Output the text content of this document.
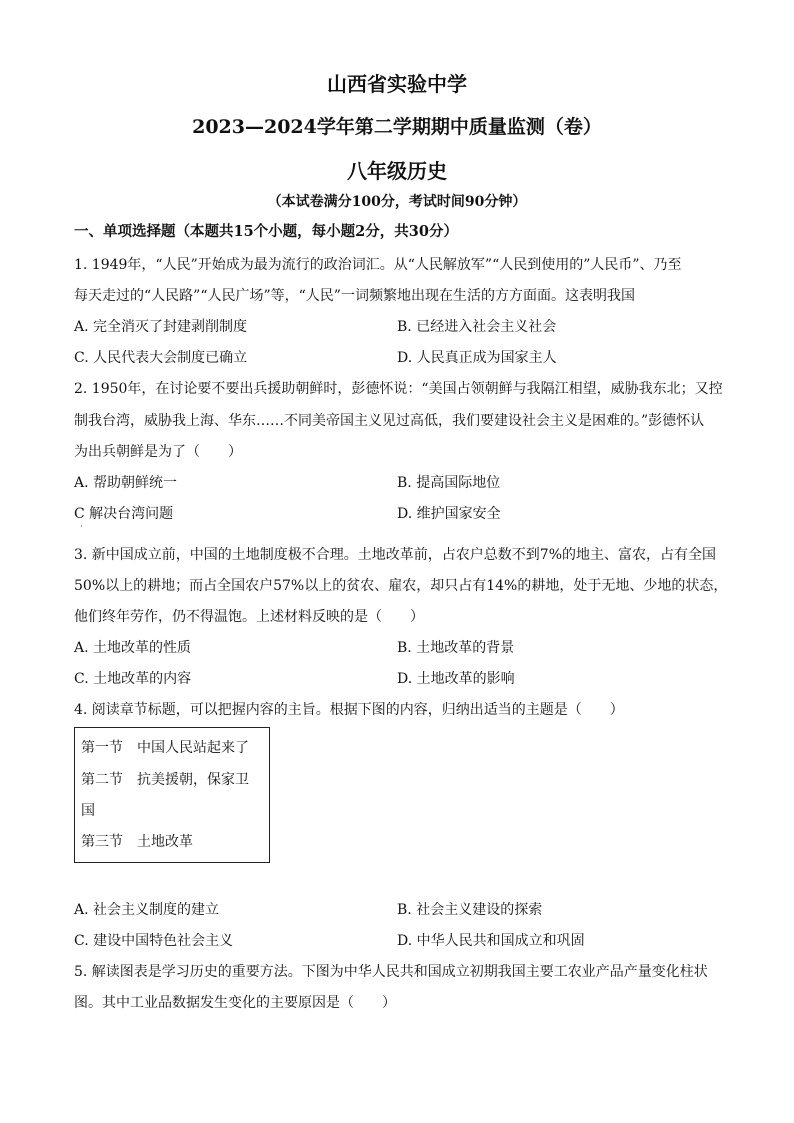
山西省实验中学
2023—2024学年第二学期期中质量监测（卷）
八年级历史
（本试卷满分100分，考试时间90分钟）
一、单项选择题（本题共15个小题，每小题2分，共30分）
1. 1949年，“人民”开始成为最为流行的政治词汇。从“人民解放军”“人民到使用的”人民币”、乃至
每天走过的“人民路”“人民广场”等，“人民”一词频繁地出现在生活的方方面面。这表明我国
A. 完全消灭了封建剥削制度	B. 已经进入社会主义社会
C. 人民代表大会制度已确立	D. 人民真正成为国家主人
2. 1950年，在讨论要不要出兵援助朝鲜时，彭德怀说：“美国占领朝鲜与我隔江相望，威胁我东北；又控
制我台湾，威胁我上海、华东……不同美帝国主义见过高低，我们要建设社会主义是困难的。”彭德怀认
为出兵朝鲜是为了（　　）
A. 帮助朝鲜统一	B. 提高国际地位
C 解决台湾问题	D. 维护国家安全
·
3. 新中国成立前，中国的土地制度极不合理。土地改革前，占农户总数不到7%的地主、富农，占有全国
50%以上的耕地；而占全国农户57%以上的贫农、雇农，却只占有14%的耕地，处于无地、少地的状态，
他们终年劳作，仍不得温饱。上述材料反映的是（　　）
A. 土地改革的性质	B. 土地改革的背景
C. 土地改革的内容	D. 土地改革的影响
4. 阅读章节标题，可以把握内容的主旨。根据下图的内容，归纳出适当的主题是（　　）
第一节　中国人民站起来了
第二节　抗美援朝，保家卫
国
第三节　土地改革
A. 社会主义制度的建立	B. 社会主义建设的探索
C. 建设中国特色社会主义	D. 中华人民共和国成立和巩固
5. 解读图表是学习历史的重要方法。下图为中华人民共和国成立初期我国主要工农业产品产量变化柱状
图。其中工业品数据发生变化的主要原因是（　　）
